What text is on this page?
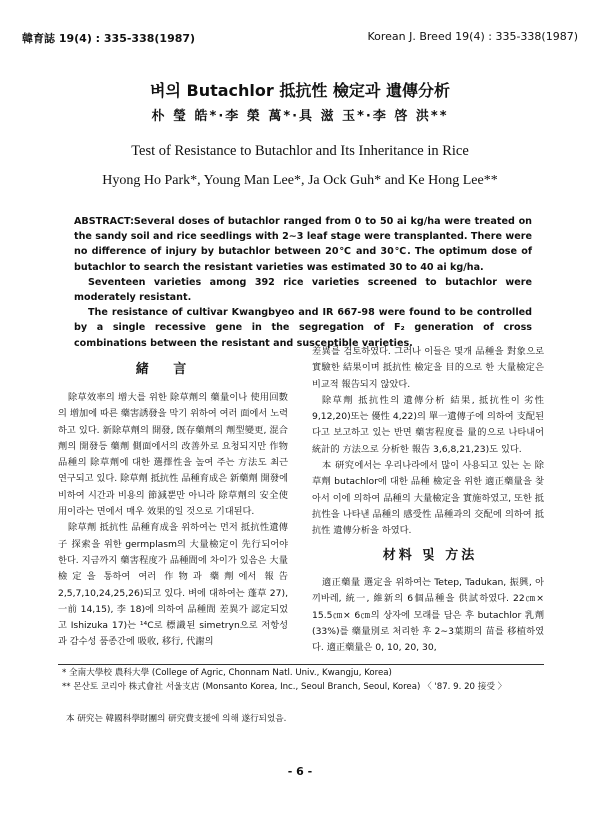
韓育誌 19(4) : 335-338(1987)	Korean J. Breed 19(4) : 335-338(1987)
벼의 Butachlor 抵抗性 檢定과 遺傳分析
朴 瑩 皓*·李 榮 萬*·具 滋 玉*·李 啓 洪**
Test of Resistance to Butachlor and Its Inheritance in Rice
Hyong Ho Park*, Young Man Lee*, Ja Ock Guh* and Ke Hong Lee**

ABSTRACT:Several doses of butachlor ranged from 0 to 50 ai kg/ha were treated on the sandy soil and rice seedlings with 2∼3 leaf stage were transplanted. There were no difference of injury by butachlor between 20℃ and 30℃. The optimum dose of butachlor to search the resistant varieties was estimated 30 to 40 ai kg/ha.

Seventeen varieties among 392 rice varieties screened to butachlor were moderately resistant.

The resistance of cultivar Kwangbyeo and IR 667-98 were found to be controlled by a single recessive gene in the segregation of F₂ generation of cross combinations between the resistant and susceptible varieties.

緒 言

除草效率의 增大를 위한 除草劑의 藥量이나 使用回數의 增加에 따른 藥害誘發을 막기 위하여 여러 面에서 노력하고 있다. 新除草劑의 開發, 旣存藥劑의 劑型變更, 混合劑의 開發등 藥劑 側面에서의 改善外로 요청되지만 作物品種의 除草劑에 대한 選擇性을 높여 주는 方法도 최근 연구되고 있다. 除草劑 抵抗性 品種育成은 新藥劑 開發에 비하여 시간과 비용의 節減뿐만 아니라 除草劑의 安全使用이라는 면에서 매우 效果的일 것으로 기대된다.

除草劑 抵抗性 品種育成을 위하여는 먼저 抵抗性遺傳子 探索을 위한 germplasm의 大量檢定이 先行되어야 한다. 지금까지 藥害程度가 品種間에 차이가 있음은 大量檢定을 통하여 여러 作物과 藥劑에서 報告 2,5,7,10,24,25,26)되고 있다. 벼에 대하여는 蓬草 27), 一前 14,15), 李 18)에 의하여 品種間 差異가 認定되었고 Ishizuka 17)는 ¹⁴C로 標識된 simetryn으로 저항성과 감수성 품종간에 吸收, 移行, 代謝의

差異를 검토하였다. 그러나 이들은 몇개 品種을 對象으로 實驗한 結果이며 抵抗性 檢定을 目的으로 한 大量檢定은 비교적 報告되지 않았다.

除草劑 抵抗性의 遺傳分析 結果, 抵抗性이 劣性 9,12,20)또는 優性 4,22)의 單一遺傳子에 의하여 支配된다고 보고하고 있는 반면 藥害程度를 量的으로 나타내어 統計的 方法으로 分析한 報告 3,6,8,21,23)도 있다.

本 研究에서는 우리나라에서 많이 사용되고 있는 논 除草劑 butachlor에 대한 品種 檢定을 위한 適正藥量을 찾아서 이에 의하여 品種의 大量檢定을 實施하였고, 또한 抵抗性을 나타낸 品種의 感受性 品種과의 交配에 의하여 抵抗性 遺傳分析을 하였다.

材料 및 方法

適正藥量 選定을 위하여는 Tetep, Tadukan, 振興, 아끼바레, 統一, 維新의 6個品種을 供試하였다. 22㎝× 15.5㎝× 6㎝의 상자에 모래를 담은 후 butachlor 乳劑(33%)를 藥量別로 처리한 후 2∼3葉期의 苗를 移植하였다. 適正藥量은 0, 10, 20, 30,

* 全南大學校 農科大學 (College of Agric, Chonnam Natl. Univ., Kwangju, Korea)
** 몬산토 코리아 株式會社 서울支店 (Monsanto Korea, Inc., Seoul Branch, Seoul, Korea) 〈 '87. 9. 20 接受 〉
本 研究는 韓國科學財團의 研究費支援에 의해 遂行되었음.
- 6 -
